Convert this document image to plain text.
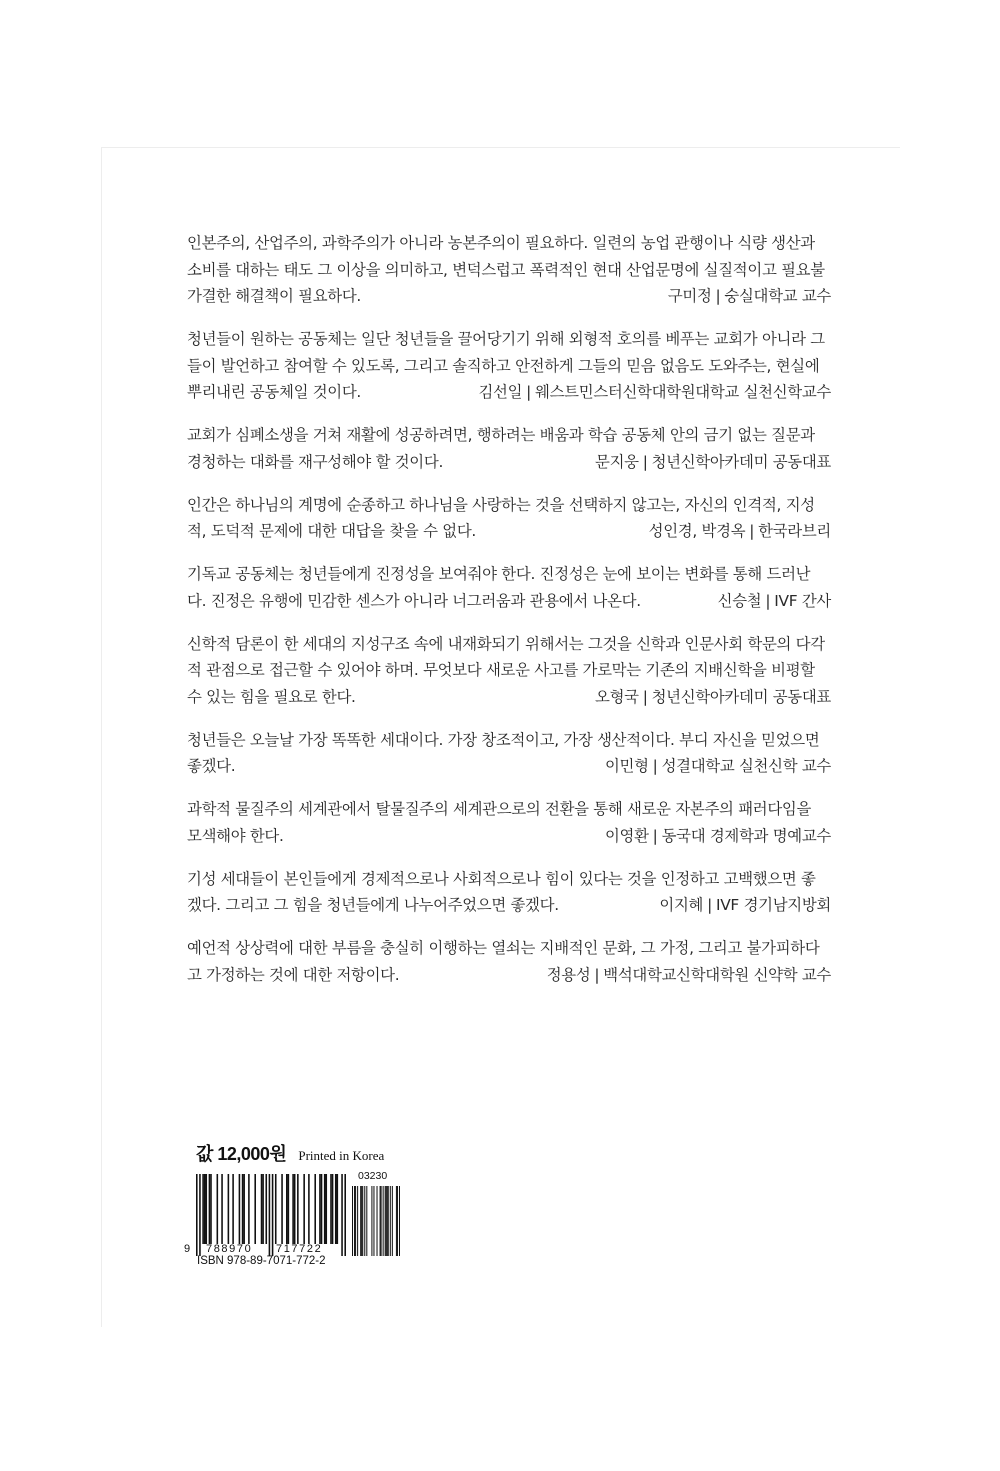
인본주의, 산업주의, 과학주의가 아니라 농본주의이 필요하다. 일련의 농업 관행이나 식량 생산과
소비를 대하는 태도 그 이상을 의미하고, 변덕스럽고 폭력적인 현대 산업문명에 실질적이고 필요불
가결한 해결책이 필요하다.	구미정 | 숭실대학교 교수

청년들이 원하는 공동체는 일단 청년들을 끌어당기기 위해 외형적 호의를 베푸는 교회가 아니라 그
들이 발언하고 참여할 수 있도록, 그리고 솔직하고 안전하게 그들의 믿음 없음도 도와주는, 현실에
뿌리내린 공동체일 것이다.	김선일 | 웨스트민스터신학대학원대학교 실천신학교수

교회가 심폐소생을 거쳐 재활에 성공하려면, 행하려는 배움과 학습 공동체 안의 금기 없는 질문과
경청하는 대화를 재구성해야 할 것이다.	문지웅 | 청년신학아카데미 공동대표

인간은 하나님의 계명에 순종하고 하나님을 사랑하는 것을 선택하지 않고는, 자신의 인격적, 지성
적, 도덕적 문제에 대한 대답을 찾을 수 없다.	성인경, 박경옥 | 한국라브리

기독교 공동체는 청년들에게 진정성을 보여줘야 한다. 진정성은 눈에 보이는 변화를 통해 드러난
다. 진정은 유행에 민감한 센스가 아니라 너그러움과 관용에서 나온다.	신승철 | IVF 간사

신학적 담론이 한 세대의 지성구조 속에 내재화되기 위해서는 그것을 신학과 인문사회 학문의 다각
적 관점으로 접근할 수 있어야 하며. 무엇보다 새로운 사고를 가로막는 기존의 지배신학을 비평할
수 있는 힘을 필요로 한다.	오형국 | 청년신학아카데미 공동대표

청년들은 오늘날 가장 똑똑한 세대이다. 가장 창조적이고, 가장 생산적이다. 부디 자신을 믿었으면
좋겠다.	이민형 | 성결대학교 실천신학 교수

과학적 물질주의 세계관에서 탈물질주의 세계관으로의 전환을 통해 새로운 자본주의 패러다임을
모색해야 한다.	이영환 | 동국대 경제학과 명예교수

기성 세대들이 본인들에게 경제적으로나 사회적으로나 힘이 있다는 것을 인정하고 고백했으면 좋
겠다. 그리고 그 힘을 청년들에게 나누어주었으면 좋겠다.	이지혜 | IVF 경기남지방회

예언적 상상력에 대한 부름을 충실히 이행하는 열쇠는 지배적인 문화, 그 가정, 그리고 불가피하다
고 가정하는 것에 대한 저항이다.	정용성 | 백석대학교신학대학원 신약학 교수

값 12,000원 Printed in Korea
03230
9 788970 717722
ISBN 978-89-7071-772-2
